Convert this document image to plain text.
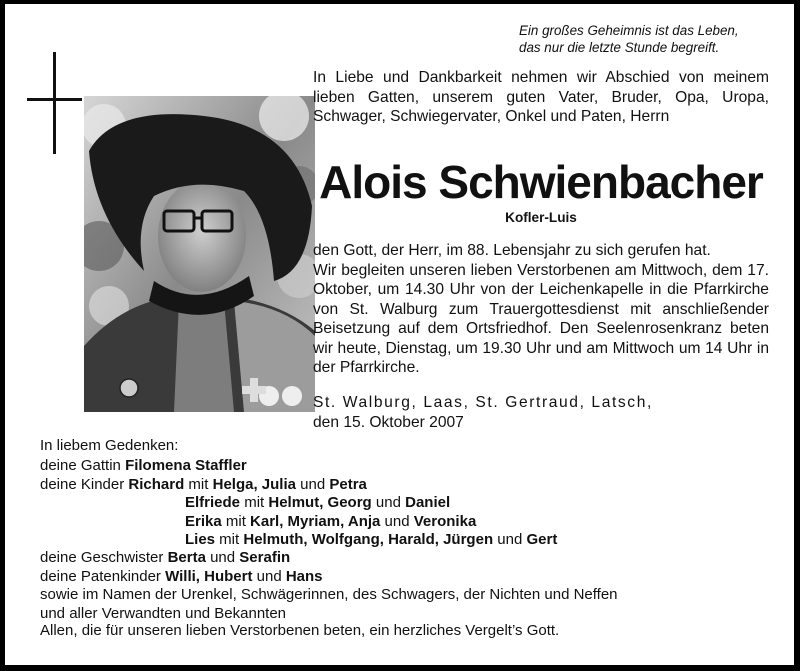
Ein großes Geheimnis ist das Leben,
das nur die letzte Stunde begreift.
In Liebe und Dankbarkeit nehmen wir Abschied von meinem lieben Gatten, unserem guten Vater, Bruder, Opa, Uropa, Schwager, Schwiegervater, Onkel und Paten, Herrn
Alois Schwienbacher
Kofler-Luis

den Gott, der Herr, im 88. Lebensjahr zu sich gerufen hat.

Wir begleiten unseren lieben Verstorbenen am Mittwoch, dem 17. Oktober, um 14.30 Uhr von der Leichenkapelle in die Pfarrkirche von St. Walburg zum Trauergottesdienst mit anschließender Beisetzung auf dem Ortsfriedhof. Den Seelenrosenkranz beten wir heute, Dienstag, um 19.30 Uhr und am Mittwoch um 14 Uhr in der Pfarrkirche.

St. Walburg, Laas, St. Gertraud, Latsch,
den 15. Oktober 2007
In liebem Gedenken:
deine Gattin Filomena Staffler
deine Kinder Richard mit Helga, Julia und Petra
Elfriede mit Helmut, Georg und Daniel
Erika mit Karl, Myriam, Anja und Veronika
Lies mit Helmuth, Wolfgang, Harald, Jürgen und Gert
deine Geschwister Berta und Serafin
deine Patenkinder Willi, Hubert und Hans
sowie im Namen der Urenkel, Schwägerinnen, des Schwagers, der Nichten und Neffen
und aller Verwandten und Bekannten
Allen, die für unseren lieben Verstorbenen beten, ein herzliches Vergelt’s Gott.
